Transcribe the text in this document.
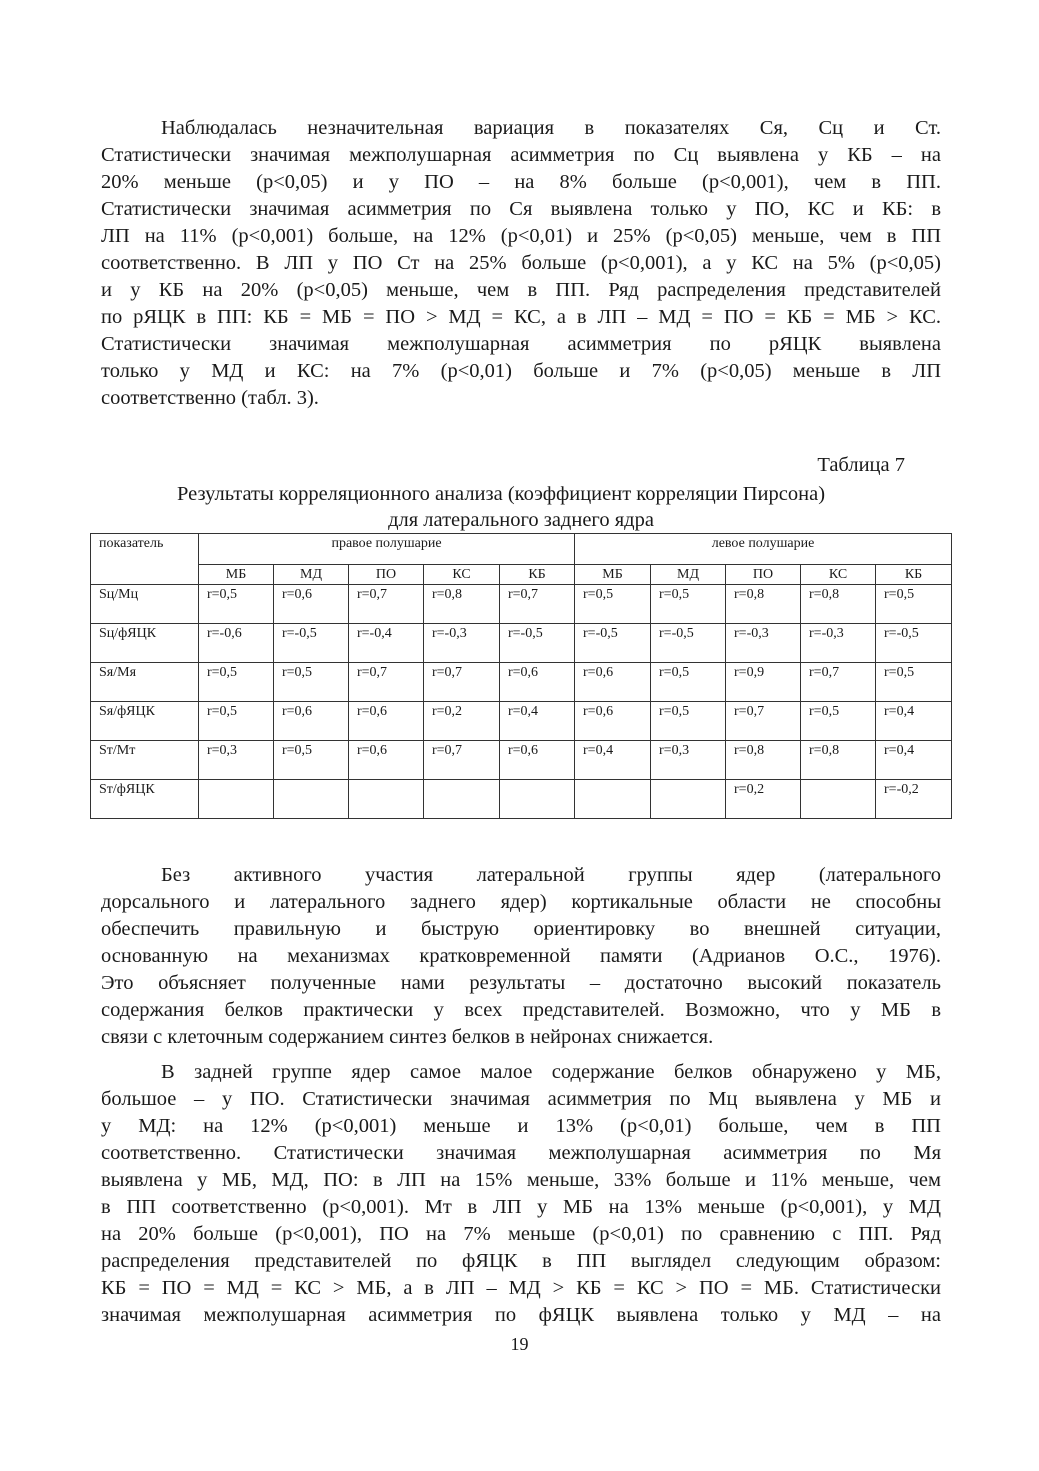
Наблюдалась незначительная вариация в показателях Ся, Сц и Ст.
Статистически значимая межполушарная асимметрия по Сц выявлена у КБ – на
20% меньше (p<0,05) и у ПО – на 8% больше (p<0,001), чем в ПП.
Статистически значимая асимметрия по Ся выявлена только у ПО, КС и КБ: в
ЛП на 11% (p<0,001) больше, на 12% (p<0,01) и 25% (p<0,05) меньше, чем в ПП
соответственно. В ЛП у ПО Ст на 25% больше (p<0,001), а у КС на 5% (p<0,05)
и у КБ на 20% (p<0,05) меньше, чем в ПП. Ряд распределения представителей
по рЯЦК в ПП: КБ = МБ = ПО > МД = КС, а в ЛП – МД = ПО = КБ = МБ > КС.
Статистически значимая межполушарная асимметрия по рЯЦК выявлена
только у МД и КС: на 7% (p<0,01) больше и 7% (p<0,05) меньше в ЛП
соответственно (табл. 3).
Таблица 7
Результаты корреляционного анализа (коэффициент корреляции Пирсона)
для латерального заднего ядра
показатель	правое полушарие					левое полушарие				
	МБ	МД	ПО	КС	КБ	МБ	МД	ПО	КС	КБ
Sц/Мц	r=0,5	r=0,6	r=0,7	r=0,8	r=0,7	r=0,5	r=0,5	r=0,8	r=0,8	r=0,5
Sц/фЯЦК	r=-0,6	r=-0,5	r=-0,4	r=-0,3	r=-0,5	r=-0,5	r=-0,5	r=-0,3	r=-0,3	r=-0,5
Sя/Мя	r=0,5	r=0,5	r=0,7	r=0,7	r=0,6	r=0,6	r=0,5	r=0,9	r=0,7	r=0,5
Sя/фЯЦК	r=0,5	r=0,6	r=0,6	r=0,2	r=0,4	r=0,6	r=0,5	r=0,7	r=0,5	r=0,4
Sт/Мт	r=0,3	r=0,5	r=0,6	r=0,7	r=0,6	r=0,4	r=0,3	r=0,8	r=0,8	r=0,4
Sт/фЯЦК								r=0,2		r=-0,2
Без активного участия латеральной группы ядер (латерального
дорсального и латерального заднего ядер) кортикальные области не способны
обеспечить правильную и быструю ориентировку во внешней ситуации,
основанную на механизмах кратковременной памяти (Адрианов О.С., 1976).
Это объясняет полученные нами результаты – достаточно высокий показатель
содержания белков практически у всех представителей. Возможно, что у МБ в
связи с клеточным содержанием синтез белков в нейронах снижается.
В задней группе ядер самое малое содержание белков обнаружено у МБ,
большое – у ПО. Статистически значимая асимметрия по Мц выявлена у МБ и
у МД: на 12% (p<0,001) меньше и 13% (p<0,01) больше, чем в ПП
соответственно. Статистически значимая межполушарная асимметрия по Мя
выявлена у МБ, МД, ПО: в ЛП на 15% меньше, 33% больше и 11% меньше, чем
в ПП соответственно (p<0,001). Мт в ЛП у МБ на 13% меньше (p<0,001), у МД
на 20% больше (p<0,001), ПО на 7% меньше (p<0,01) по сравнению с ПП. Ряд
распределения представителей по фЯЦК в ПП выглядел следующим образом:
КБ = ПО = МД = КС > МБ, а в ЛП – МД > КБ = КС > ПО = МБ. Статистически
значимая межполушарная асимметрия по фЯЦК выявлена только у МД – на
19
